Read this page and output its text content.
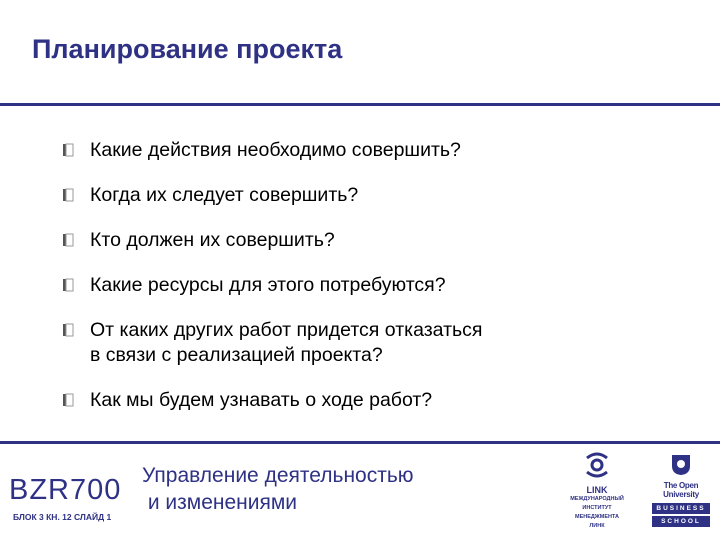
Планирование проекта
Какие действия необходимо совершить?
Когда их следует совершить?
Кто должен их совершить?
Какие ресурсы для этого потребуются?
От каких других работ придется отказаться
в связи с реализацией проекта?
Как мы будем узнавать о ходе работ?
BZR700
БЛОК 3 КН. 12 СЛАЙД 1
Управление деятельностью
и изменениями
LINK
МЕЖДУНАРОДНЫЙ
ИНСТИТУТ
МЕНЕДЖМЕНТА
ЛИНК
The Open
University
BUSINESS
SCHOOL
